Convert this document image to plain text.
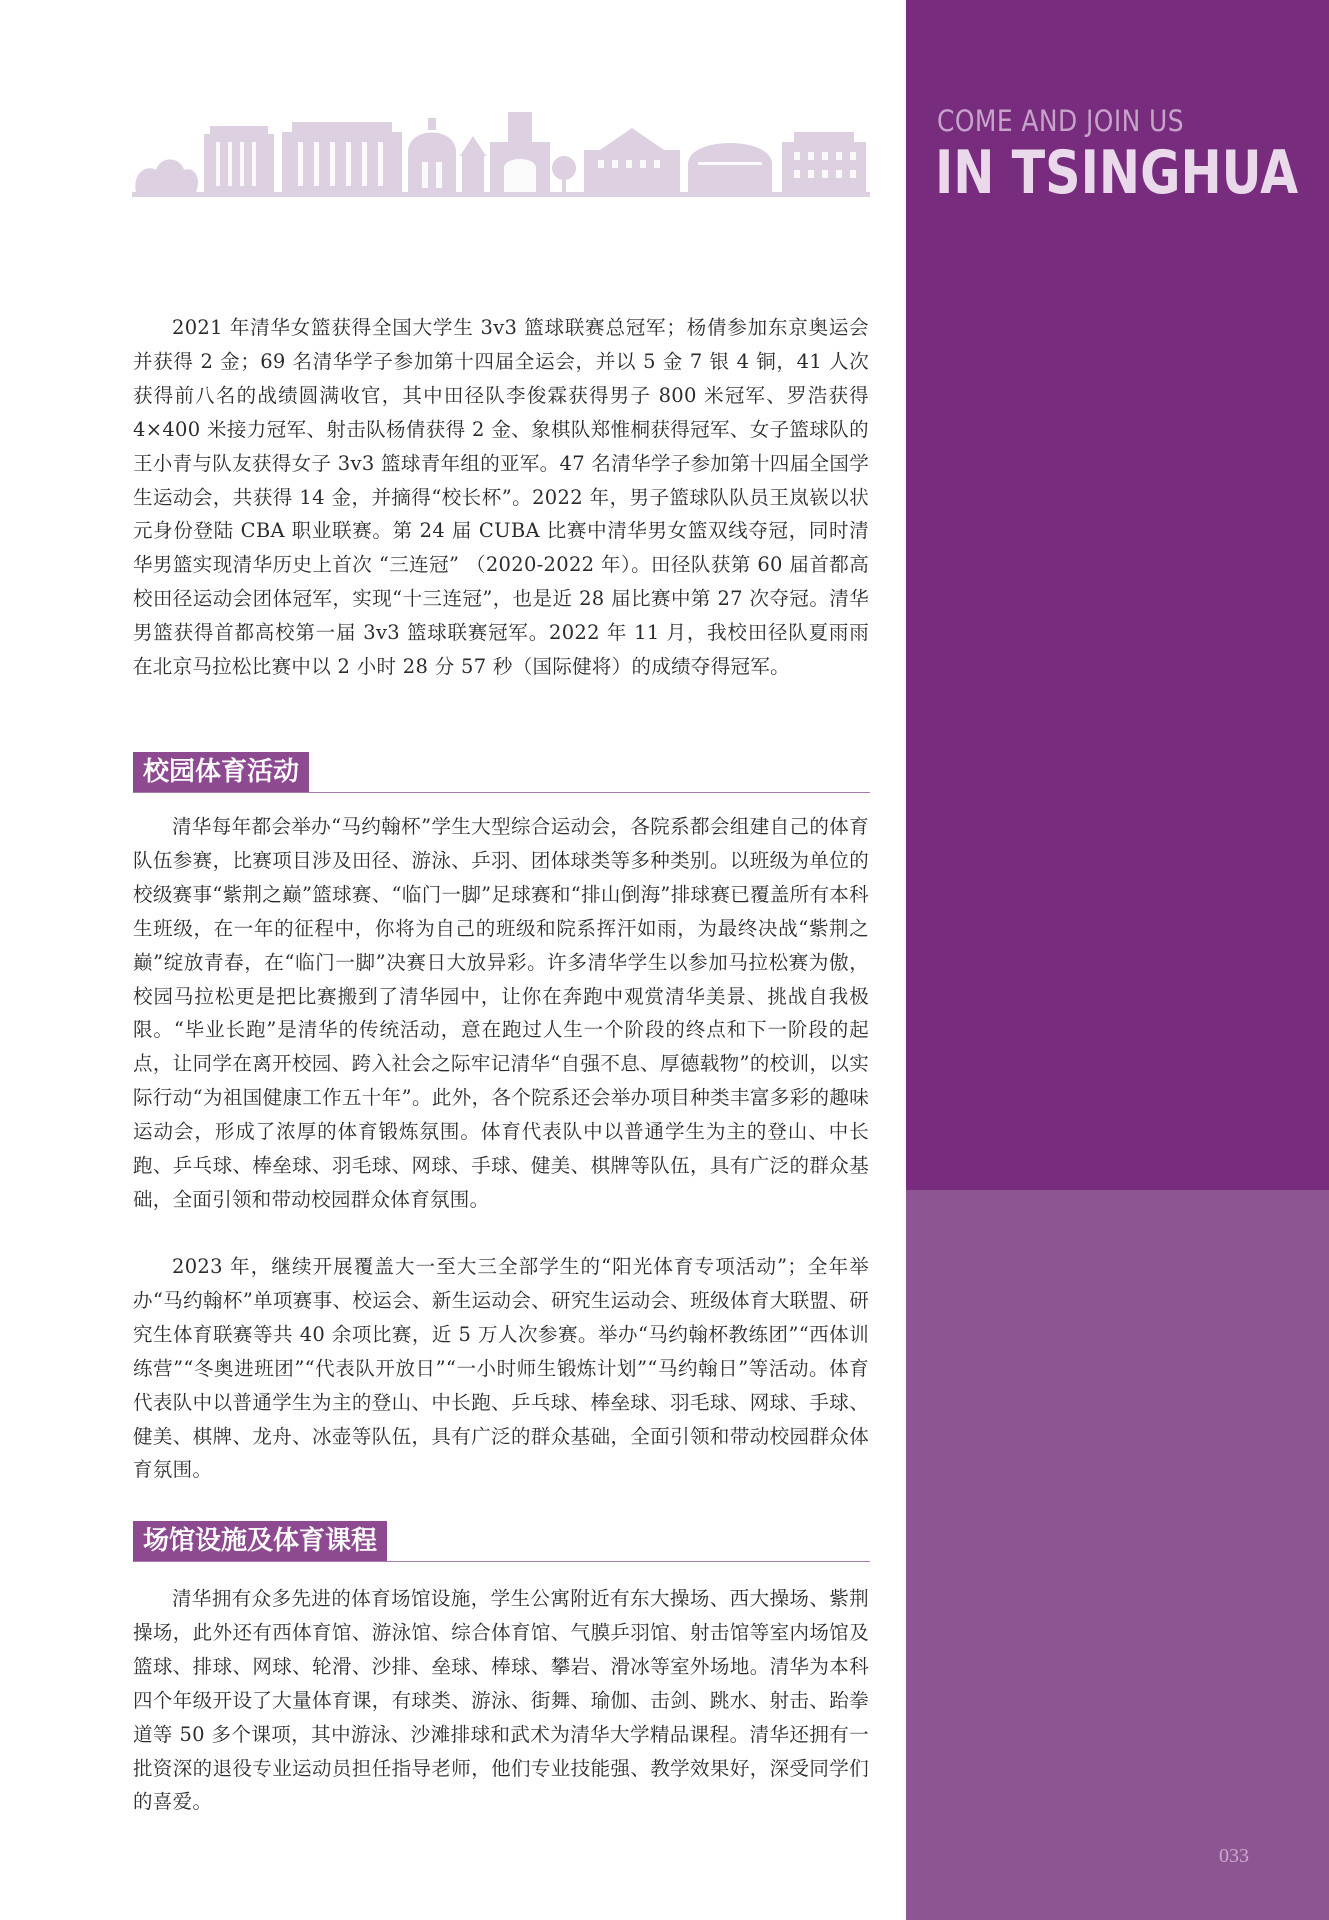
COME AND JOIN US

IN TSINGHUA

033

2021 年清华女篮获得全国大学生 3v3 篮球联赛总冠军；杨倩参加东京奥运会并获得 2 金；69 名清华学子参加第十四届全运会，并以 5 金 7 银 4 铜，41 人次获得前八名的战绩圆满收官，其中田径队李俊霖获得男子 800 米冠军、罗浩获得 4×400 米接力冠军、射击队杨倩获得 2 金、象棋队郑惟桐获得冠军、女子篮球队的王小青与队友获得女子 3v3 篮球青年组的亚军。47 名清华学子参加第十四届全国学生运动会，共获得 14 金，并摘得“校长杯”。2022 年，男子篮球队队员王岚嵚以状元身份登陆 CBA 职业联赛。第 24 届 CUBA 比赛中清华男女篮双线夺冠，同时清华男篮实现清华历史上首次 “三连冠” （2020-2022 年）。田径队获第 60 届首都高校田径运动会团体冠军，实现“十三连冠”，也是近 28 届比赛中第 27 次夺冠。清华男篮获得首都高校第一届 3v3 篮球联赛冠军。2022 年 11 月，我校田径队夏雨雨在北京马拉松比赛中以 2 小时 28 分 57 秒（国际健将）的成绩夺得冠军。

校园体育活动

清华每年都会举办“马约翰杯”学生大型综合运动会，各院系都会组建自己的体育队伍参赛，比赛项目涉及田径、游泳、乒羽、团体球类等多种类别。以班级为单位的校级赛事“紫荆之巅”篮球赛、“临门一脚”足球赛和“排山倒海”排球赛已覆盖所有本科生班级，在一年的征程中，你将为自己的班级和院系挥汗如雨，为最终决战“紫荆之巅”绽放青春，在“临门一脚”决赛日大放异彩。许多清华学生以参加马拉松赛为傲，校园马拉松更是把比赛搬到了清华园中，让你在奔跑中观赏清华美景、挑战自我极限。“毕业长跑”是清华的传统活动，意在跑过人生一个阶段的终点和下一阶段的起点，让同学在离开校园、跨入社会之际牢记清华“自强不息、厚德载物”的校训，以实际行动“为祖国健康工作五十年”。此外，各个院系还会举办项目种类丰富多彩的趣味运动会，形成了浓厚的体育锻炼氛围。体育代表队中以普通学生为主的登山、中长跑、乒乓球、棒垒球、羽毛球、网球、手球、健美、棋牌等队伍，具有广泛的群众基础，全面引领和带动校园群众体育氛围。

2023 年，继续开展覆盖大一至大三全部学生的“阳光体育专项活动”；全年举办“马约翰杯”单项赛事、校运会、新生运动会、研究生运动会、班级体育大联盟、研究生体育联赛等共 40 余项比赛，近 5 万人次参赛。举办“马约翰杯教练团”“西体训练营”“冬奥进班团”“代表队开放日”“一小时师生锻炼计划”“马约翰日”等活动。体育代表队中以普通学生为主的登山、中长跑、乒乓球、棒垒球、羽毛球、网球、手球、健美、棋牌、龙舟、冰壶等队伍，具有广泛的群众基础，全面引领和带动校园群众体育氛围。

场馆设施及体育课程

清华拥有众多先进的体育场馆设施，学生公寓附近有东大操场、西大操场、紫荆操场，此外还有西体育馆、游泳馆、综合体育馆、气膜乒羽馆、射击馆等室内场馆及篮球、排球、网球、轮滑、沙排、垒球、棒球、攀岩、滑冰等室外场地。清华为本科四个年级开设了大量体育课，有球类、游泳、街舞、瑜伽、击剑、跳水、射击、跆拳道等 50 多个课项，其中游泳、沙滩排球和武术为清华大学精品课程。清华还拥有一批资深的退役专业运动员担任指导老师，他们专业技能强、教学效果好，深受同学们的喜爱。
